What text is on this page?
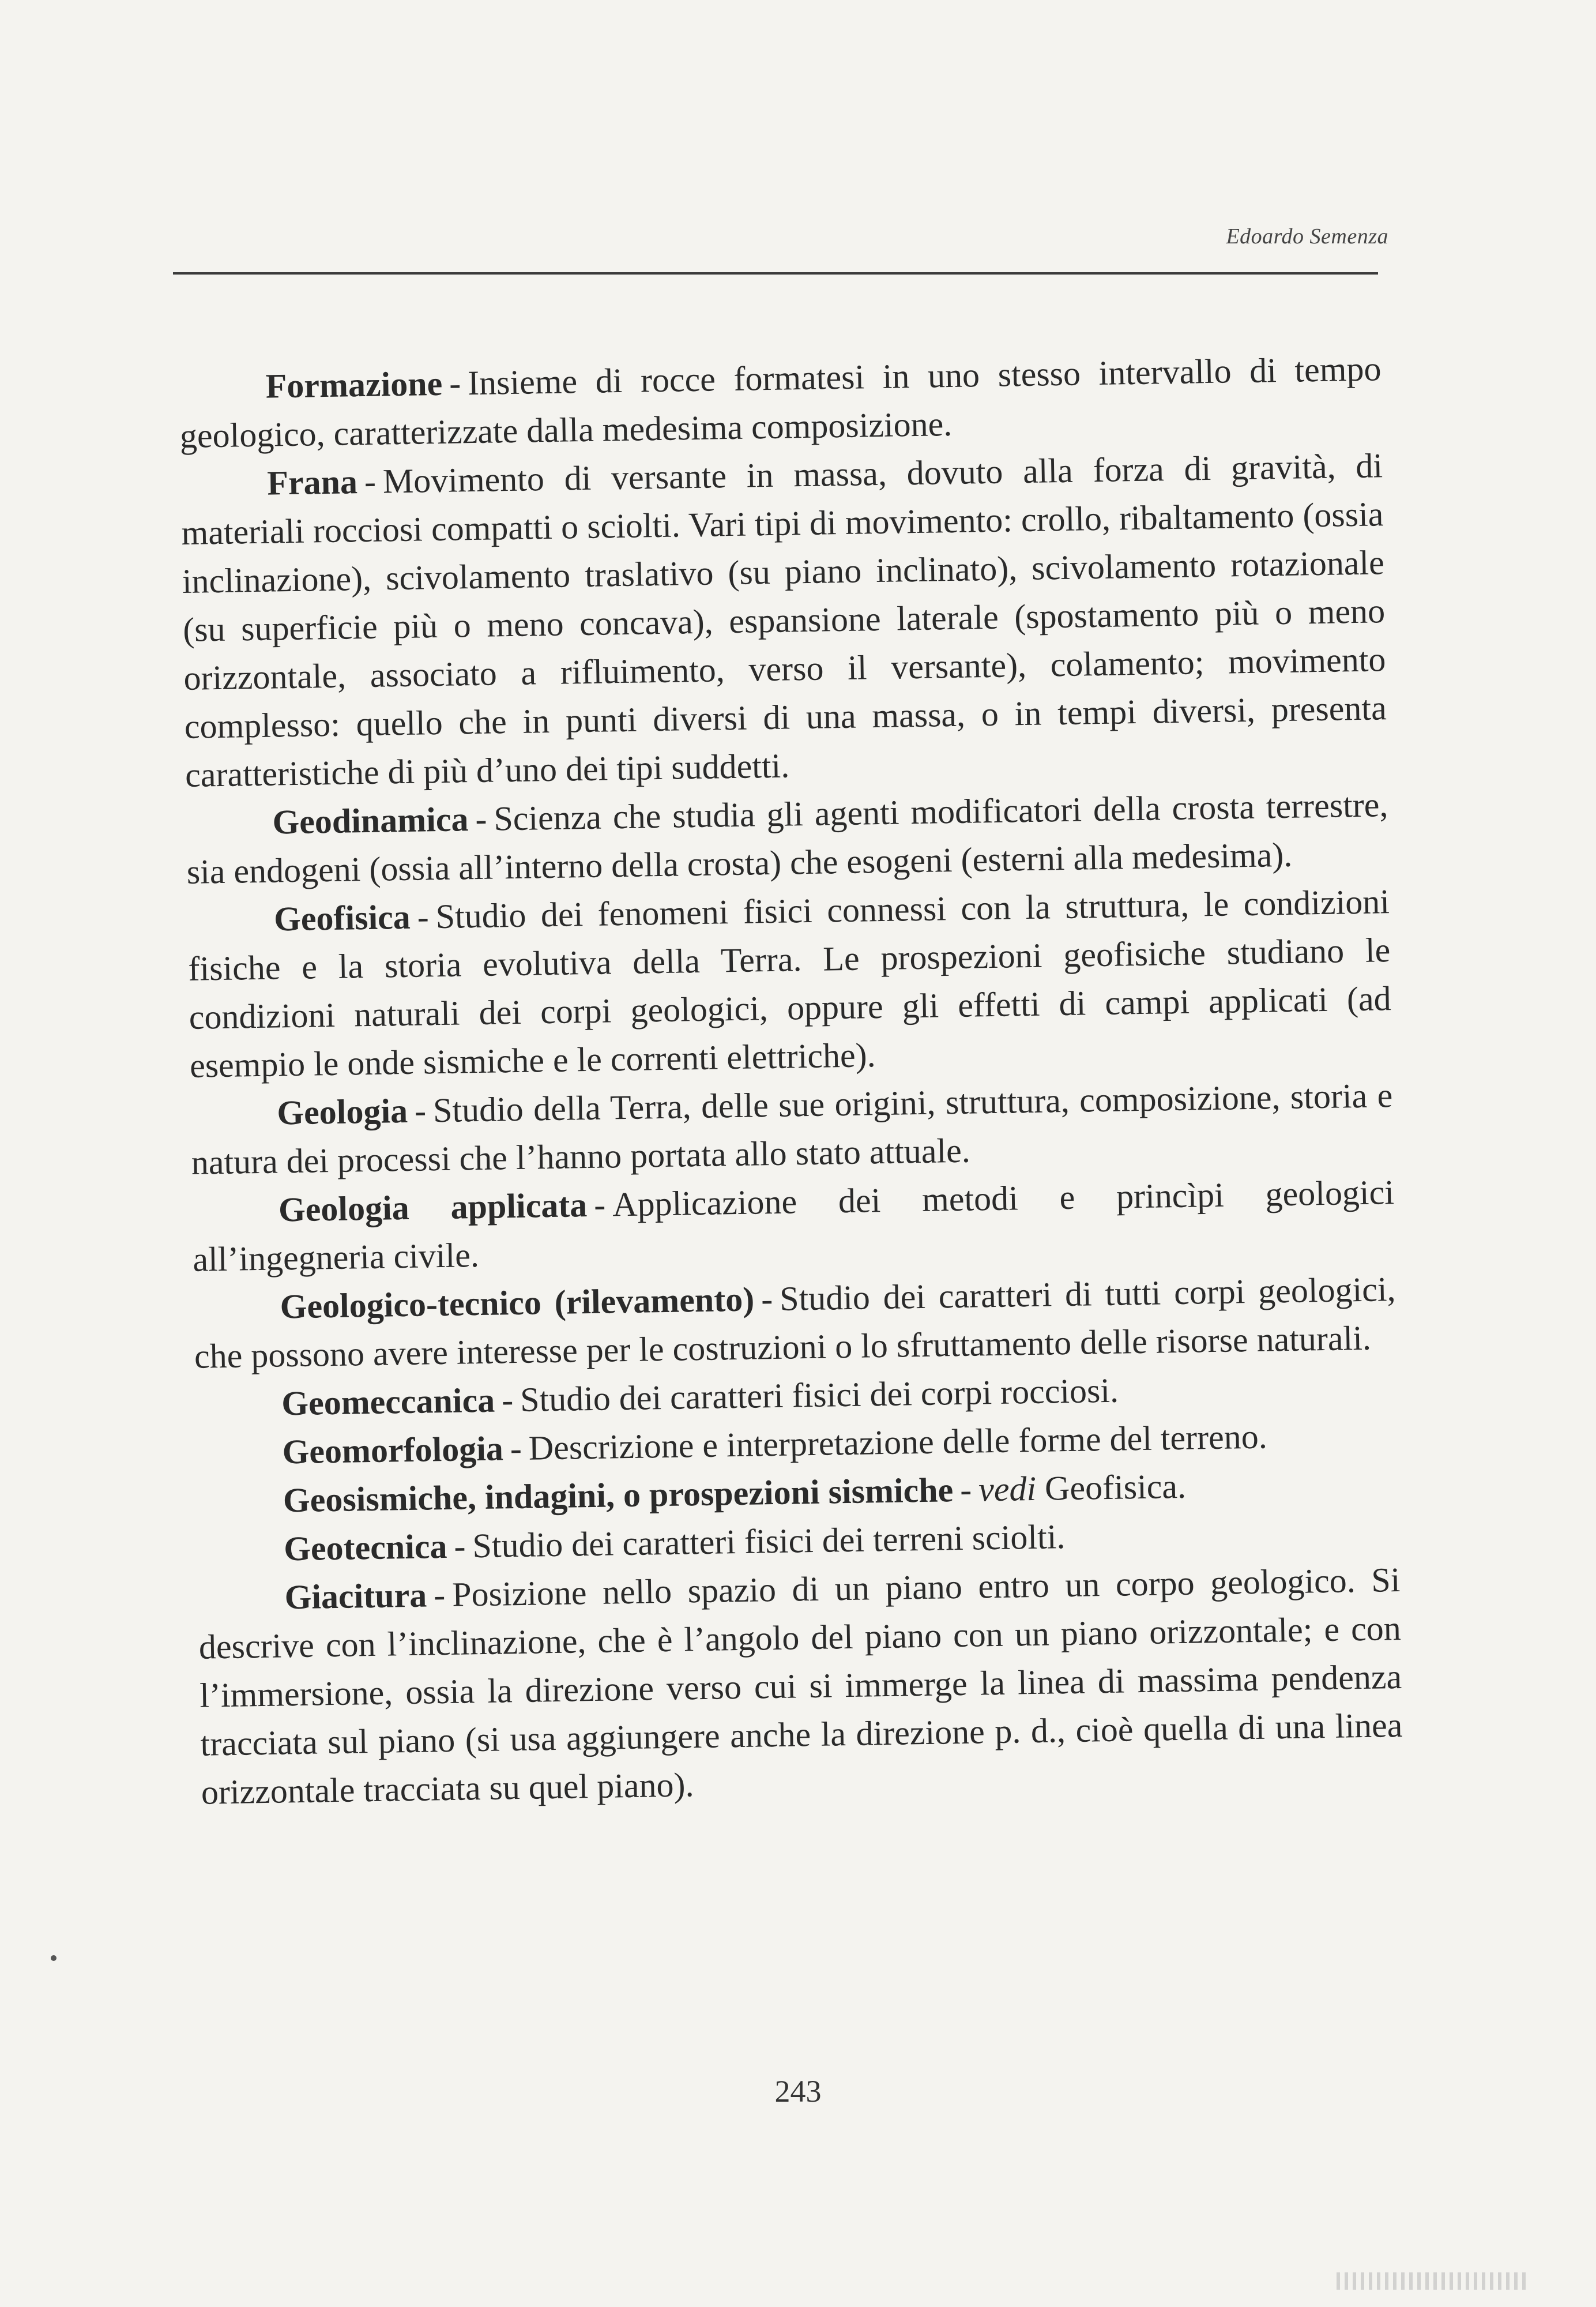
Edoardo Semenza

Formazione - Insieme di rocce formatesi in uno stesso intervallo di tempo geologico, caratterizzate dalla medesima composizione.

Frana - Movimento di versante in massa, dovuto alla forza di gravità, di materiali rocciosi compatti o sciolti. Vari tipi di movimento: crollo, ribaltamento (ossia inclinazione), scivolamento traslativo (su piano inclinato), scivolamento rotazionale (su superficie più o meno concava), espansione laterale (spostamento più o meno orizzontale, associato a rifluimento, verso il versante), colamento; movimento complesso: quello che in punti diversi di una massa, o in tempi diversi, presenta caratteristiche di più d’uno dei tipi suddetti.

Geodinamica - Scienza che studia gli agenti modificatori della crosta terrestre, sia endogeni (ossia all’interno della crosta) che esogeni (esterni alla medesima).

Geofisica - Studio dei fenomeni fisici connessi con la struttura, le condizioni fisiche e la storia evolutiva della Terra. Le prospezioni geofisiche studiano le condizioni naturali dei corpi geologici, oppure gli effetti di campi applicati (ad esempio le onde sismiche e le correnti elettriche).

Geologia - Studio della Terra, delle sue origini, struttura, composizione, storia e natura dei processi che l’hanno portata allo stato attuale.

Geologia applicata - Applicazione dei metodi e princìpi geologici all’ingegneria civile.

Geologico-tecnico (rilevamento) - Studio dei caratteri di tutti corpi geologici, che possono avere interesse per le costruzioni o lo sfruttamento delle risorse naturali.

Geomeccanica - Studio dei caratteri fisici dei corpi rocciosi.

Geomorfologia - Descrizione e interpretazione delle forme del terreno.

Geosismiche, indagini, o prospezioni sismiche - vedi Geofisica.

Geotecnica - Studio dei caratteri fisici dei terreni sciolti.

Giacitura - Posizione nello spazio di un piano entro un corpo geologico. Si descrive con l’inclinazione, che è l’angolo del piano con un piano orizzontale; e con l’immersione, ossia la direzione verso cui si immerge la linea di massima pendenza tracciata sul piano (si usa aggiungere anche la direzione p. d., cioè quella di una linea orizzontale tracciata su quel piano).

243
